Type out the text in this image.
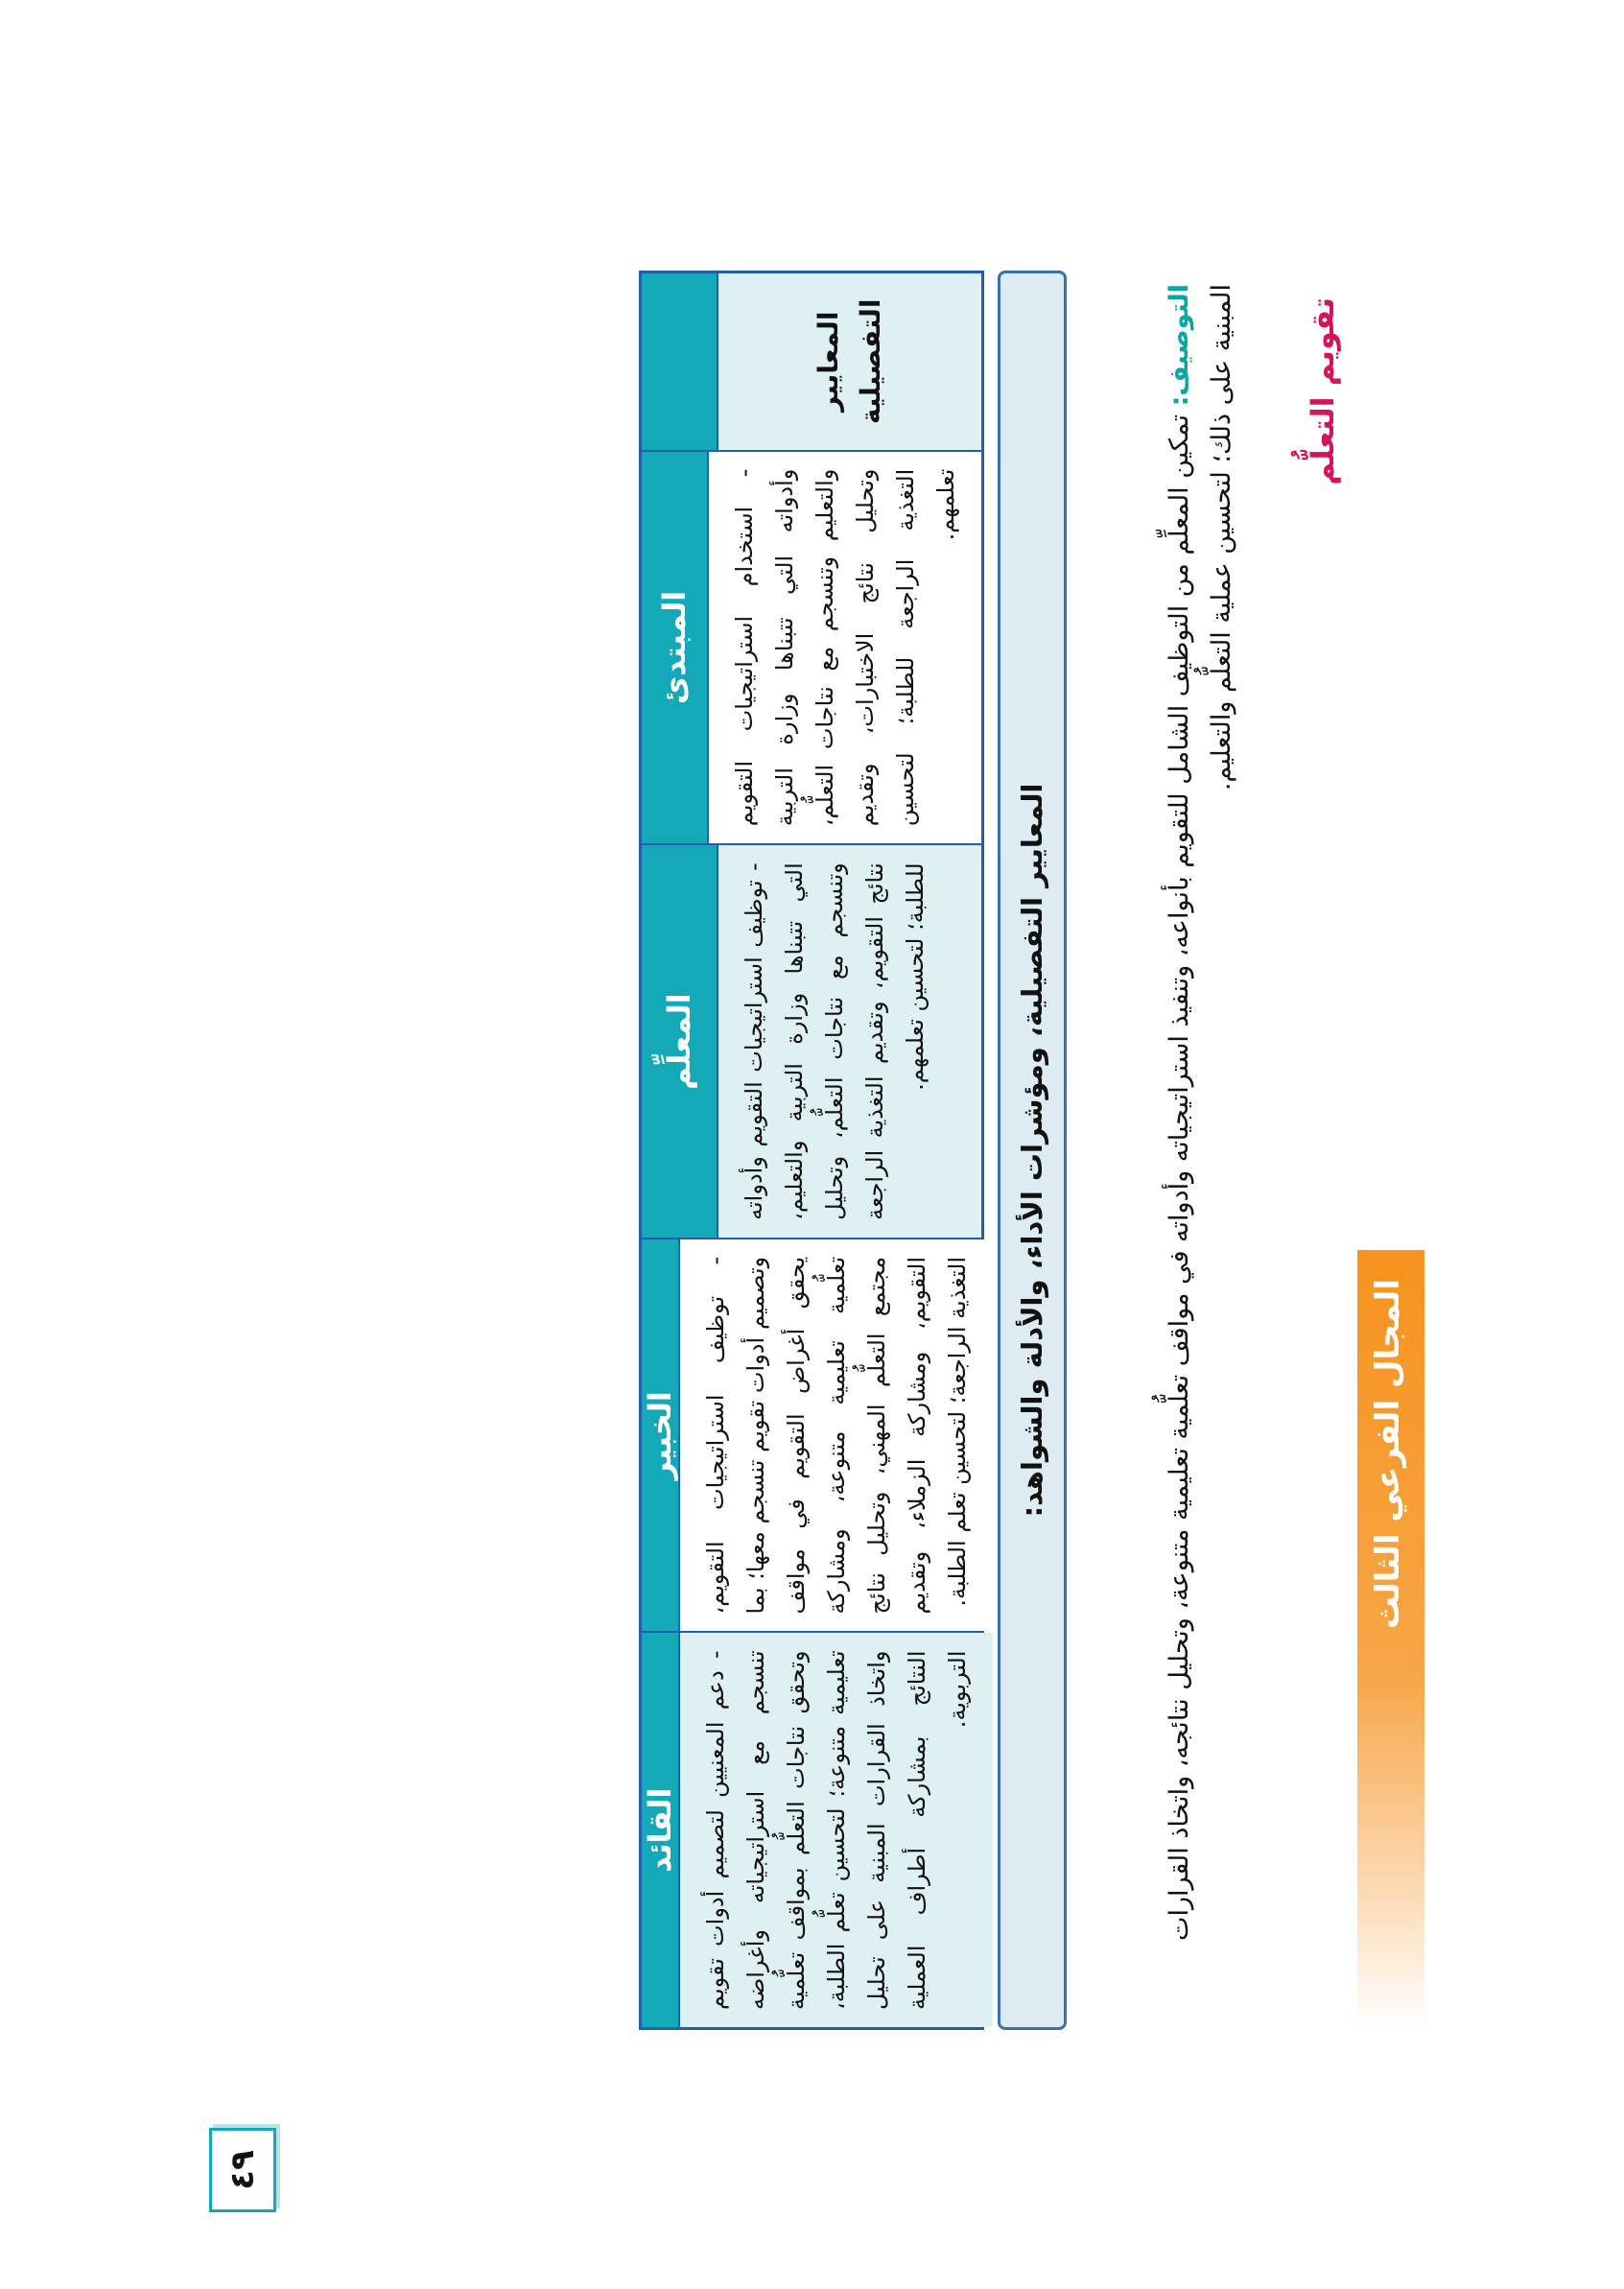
المجال الفرعي الثالث
تقويم التعلُّم

التوصيف: تمكين المعلِّم من التوظيف الشامل للتقويم بأنواعه، وتنفيذ استراتيجياته وأدواته في مواقف تعلُّمية تعليمية متنوعة، وتحليل نتائجه، واتخاذ القرارات المبنية على ذلك؛ لتحسين عملية التعلُّم والتعليم.

المعايير التفصيلية، ومؤشرات الأداء، والأدلة والشواهد:
المعايير التفصيلية
المبتدئ	- استخدام استراتيجيات التقويم وأدواته التي تتبناها وزارة التربية والتعليم وتنسجم مع نتاجات التعلُّم، وتحليل نتائج الاختبارات، وتقديم التغذية الراجعة للطلبة؛ لتحسين تعلمهم.
المعلِّم	- توظيف استراتيجيات التقويم وأدواته التي تتبناها وزارة التربية والتعليم، وتنسجم مع نتاجات التعلُّم، وتحليل نتائج التقويم، وتقديم التغذية الراجعة للطلبة؛ لتحسين تعلمهم.
الخبير	- توظيف استراتيجيات التقويم، وتصميم أدوات تقويم تنسجم معها؛ بما يحقق أغراض التقويم في مواقف تعلُّمية تعليمية متنوعة، ومشاركة مجتمع التعلُّم المهني، وتحليل نتائج التقويم، ومشاركة الزملاء، وتقديم التغذية الراجعة؛ لتحسين تعلم الطلبة.
القائد	- دعم المعنيين لتصميم أدوات تقويم تنسجم مع استراتيجياته وأغراضه وتحقق نتاجات التعلُّم بمواقف تعلُّمية تعليمية متنوعة؛ لتحسين تعلُّم الطلبة، واتخاذ القرارات المبنية على تحليل النتائج بمشاركة أطراف العملية التربوية.
٤٩
